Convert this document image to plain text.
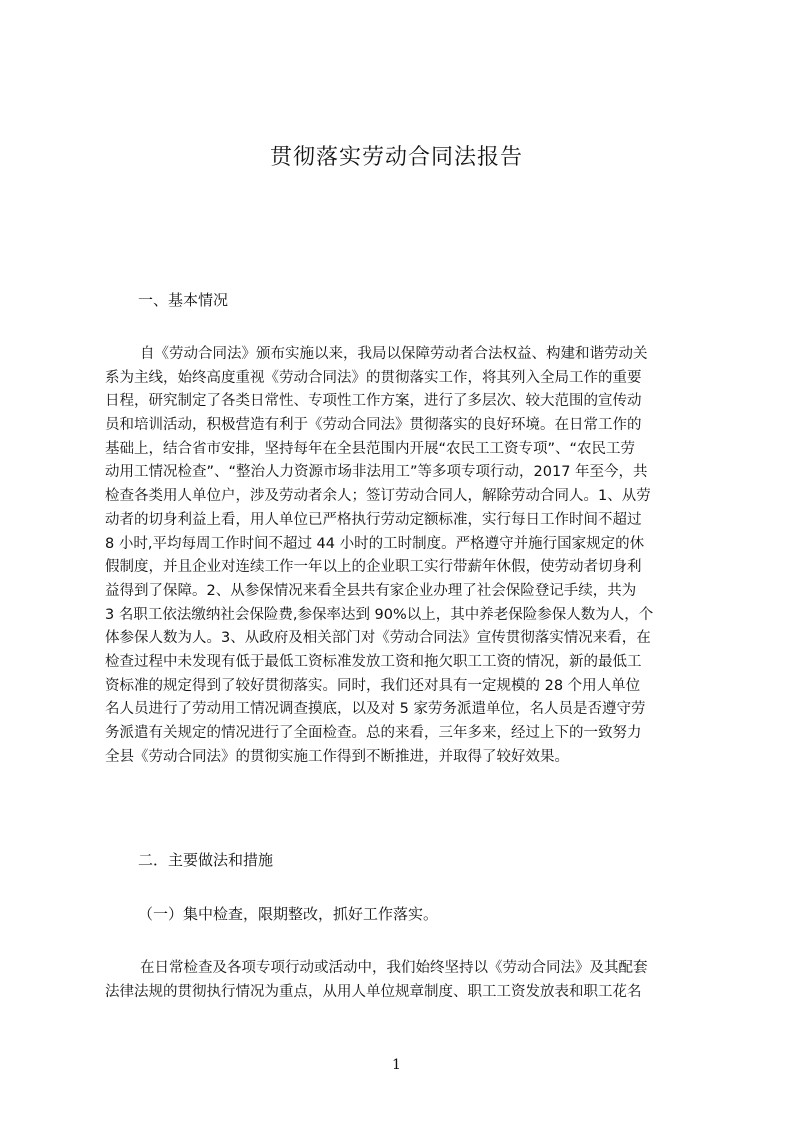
贯彻落实劳动合同法报告
一、基本情况
自《劳动合同法》颁布实施以来，我局以保障劳动者合法权益、构建和谐劳动关
系为主线，始终高度重视《劳动合同法》的贯彻落实工作，将其列入全局工作的重要
日程，研究制定了各类日常性、专项性工作方案，进行了多层次、较大范围的宣传动
员和培训活动，积极营造有利于《劳动合同法》贯彻落实的良好环境。在日常工作的
基础上，结合省市安排，坚持每年在全县范围内开展“农民工工资专项”、“农民工劳
动用工情况检查”、“整治人力资源市场非法用工”等多项专项行动，2017 年至今，共
检查各类用人单位户，涉及劳动者余人；签订劳动合同人，解除劳动合同人。1、从劳
动者的切身利益上看，用人单位已严格执行劳动定额标准，实行每日工作时间不超过
8 小时,平均每周工作时间不超过 44 小时的工时制度。严格遵守并施行国家规定的休
假制度，并且企业对连续工作一年以上的企业职工实行带薪年休假，使劳动者切身利
益得到了保障。2、从参保情况来看全县共有家企业办理了社会保险登记手续，共为
3 名职工依法缴纳社会保险费,参保率达到 90%以上，其中养老保险参保人数为人，个
体参保人数为人。3、从政府及相关部门对《劳动合同法》宣传贯彻落实情况来看，在
检查过程中未发现有低于最低工资标准发放工资和拖欠职工工资的情况，新的最低工
资标准的规定得到了较好贯彻落实。同时，我们还对具有一定规模的 28 个用人单位
名人员进行了劳动用工情况调查摸底，以及对 5 家劳务派遣单位，名人员是否遵守劳
务派遣有关规定的情况进行了全面检查。总的来看，三年多来，经过上下的一致努力
全县《劳动合同法》的贯彻实施工作得到不断推进，并取得了较好效果。
二．主要做法和措施
（一）集中检查，限期整改，抓好工作落实。
在日常检查及各项专项行动或活动中，我们始终坚持以《劳动合同法》及其配套
法律法规的贯彻执行情况为重点，从用人单位规章制度、职工工资发放表和职工花名
1
